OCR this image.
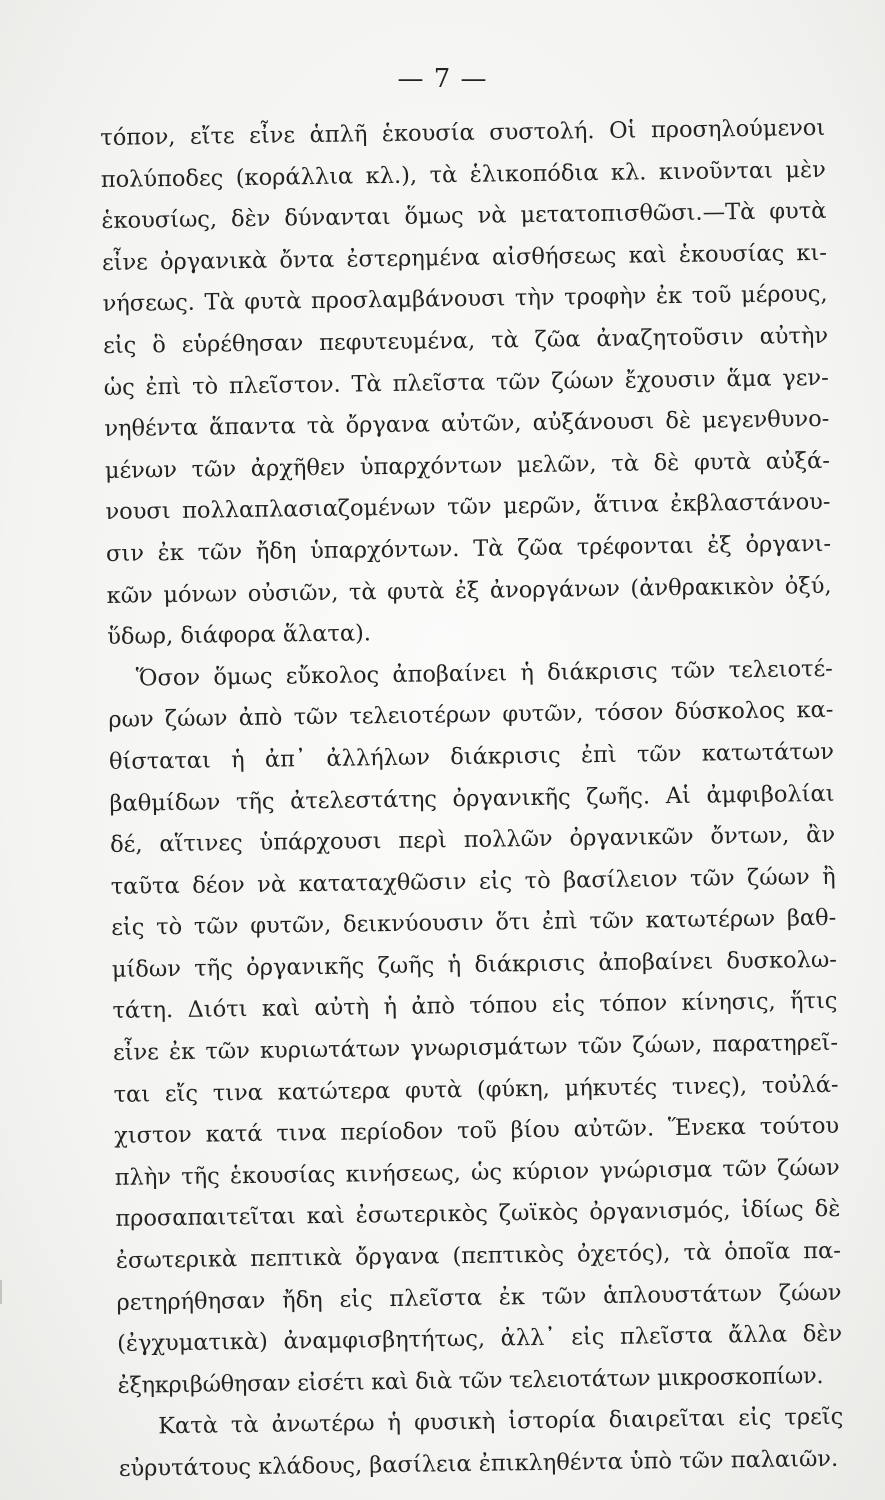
— 7 —
τόπον, εἴτε εἶνε ἁπλῆ ἑκουσία συστολή. Οἱ προσηλούμενοι
πολύποδες (κοράλλια κλ.), τὰ ἑλικοπόδια κλ. κινοῦνται μὲν
ἑκουσίως, δὲν δύνανται ὅμως νὰ μετατοπισθῶσι.—Τὰ φυτὰ
εἶνε ὀργανικὰ ὄντα ἐστερημένα αἰσθήσεως καὶ ἑκουσίας κι-
νήσεως. Τὰ φυτὰ προσλαμβάνουσι τὴν τροφὴν ἐκ τοῦ μέρους,
εἰς ὃ εὑρέθησαν πεφυτευμένα, τὰ ζῶα ἀναζητοῦσιν αὐτὴν
ὡς ἐπὶ τὸ πλεῖστον. Τὰ πλεῖστα τῶν ζώων ἔχουσιν ἅμα γεν-
νηθέντα ἅπαντα τὰ ὄργανα αὐτῶν, αὐξάνουσι δὲ μεγενθυνο-
μένων τῶν ἀρχῆθεν ὑπαρχόντων μελῶν, τὰ δὲ φυτὰ αὐξά-
νουσι πολλαπλασιαζομένων τῶν μερῶν, ἅτινα ἐκβλαστάνου-
σιν ἐκ τῶν ἤδη ὑπαρχόντων. Τὰ ζῶα τρέφονται ἐξ ὀργανι-
κῶν μόνων οὐσιῶν, τὰ φυτὰ ἐξ ἀνοργάνων (ἀνθρακικὸν ὀξύ,
ὕδωρ, διάφορα ἅλατα).
Ὅσον ὅμως εὔκολος ἀποβαίνει ἡ διάκρισις τῶν τελειοτέ-
ρων ζώων ἀπὸ τῶν τελειοτέρων φυτῶν, τόσον δύσκολος κα-
θίσταται ἡ ἀπ᾽ ἀλλήλων διάκρισις ἐπὶ τῶν κατωτάτων
βαθμίδων τῆς ἀτελεστάτης ὀργανικῆς ζωῆς. Αἱ ἀμφιβολίαι
δέ, αἵτινες ὑπάρχουσι περὶ πολλῶν ὀργανικῶν ὄντων, ἂν
ταῦτα δέον νὰ καταταχθῶσιν εἰς τὸ βασίλειον τῶν ζώων ἢ
εἰς τὸ τῶν φυτῶν, δεικνύουσιν ὅτι ἐπὶ τῶν κατωτέρων βαθ-
μίδων τῆς ὀργανικῆς ζωῆς ἡ διάκρισις ἀποβαίνει δυσκολω-
τάτη. Διότι καὶ αὐτὴ ἡ ἀπὸ τόπου εἰς τόπον κίνησις, ἥτις
εἶνε ἐκ τῶν κυριωτάτων γνωρισμάτων τῶν ζώων, παρατηρεῖ-
ται εἴς τινα κατώτερα φυτὰ (φύκη, μήκυτές τινες), τοὐλά-
χιστον κατά τινα περίοδον τοῦ βίου αὐτῶν. Ἕνεκα τούτου
πλὴν τῆς ἑκουσίας κινήσεως, ὡς κύριον γνώρισμα τῶν ζώων
προσαπαιτεῖται καὶ ἐσωτερικὸς ζωϊκὸς ὀργανισμός, ἰδίως δὲ
ἐσωτερικὰ πεπτικὰ ὄργανα (πεπτικὸς ὀχετός), τὰ ὁποῖα πα-
ρετηρήθησαν ἤδη εἰς πλεῖστα ἐκ τῶν ἁπλουστάτων ζώων
(ἐγχυματικὰ) ἀναμφισβητήτως, ἀλλ᾽ εἰς πλεῖστα ἄλλα δὲν
ἐξηκριβώθησαν εἰσέτι καὶ διὰ τῶν τελειοτάτων μικροσκοπίων.
Κατὰ τὰ ἀνωτέρω ἡ φυσικὴ ἱστορία διαιρεῖται εἰς τρεῖς
εὐρυτάτους κλάδους, βασίλεια ἐπικληθέντα ὑπὸ τῶν παλαιῶν.
